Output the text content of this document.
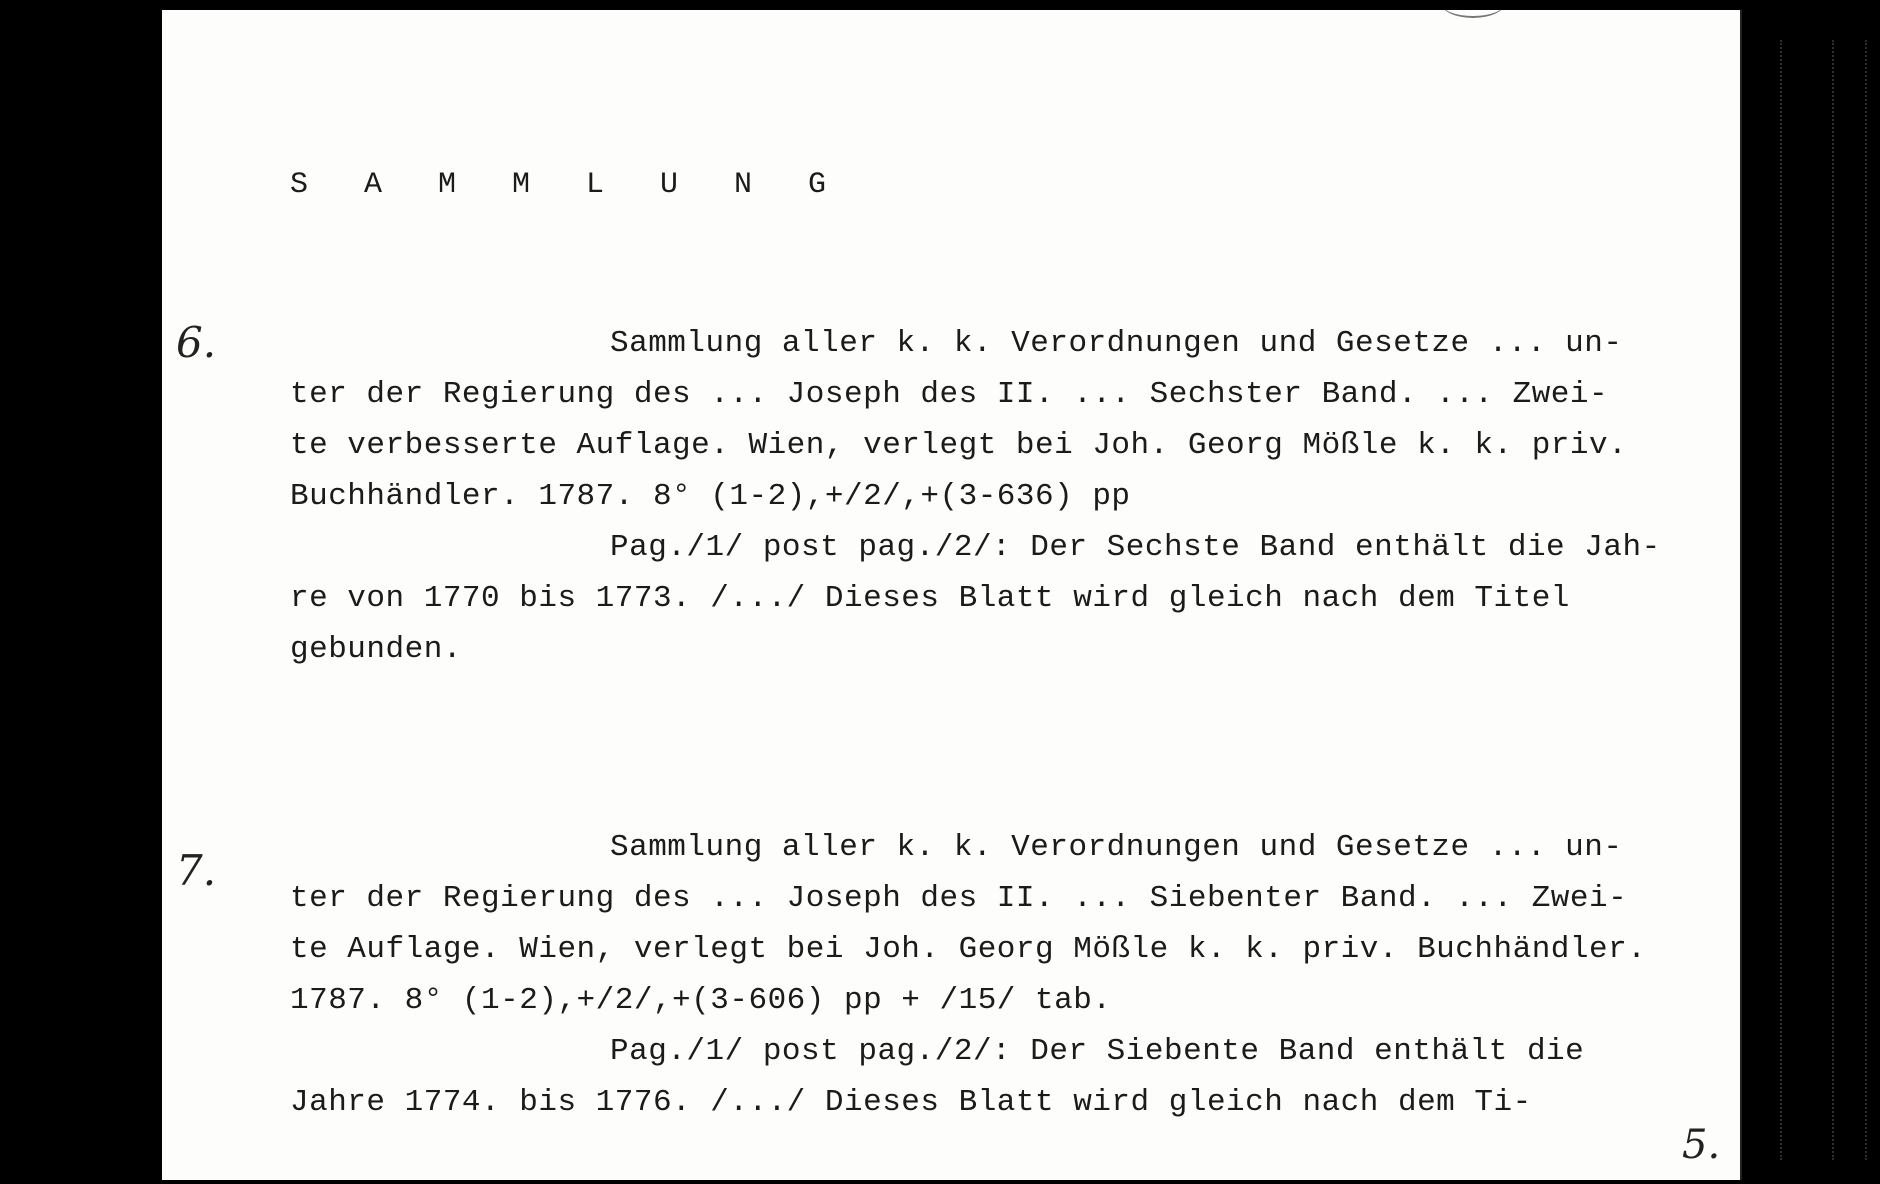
S A M M L U N G
6.	Sammlung aller k. k. Verordnungen und Gesetze ... un-
ter der Regierung des ... Joseph des II. ... Sechster Band. ... Zwei-
te verbesserte Auflage. Wien, verlegt bei Joh. Georg Mößle k. k. priv.
Buchhändler. 1787. 8° (1-2),+/2/,+(3-636) pp
Pag./1/ post pag./2/: Der Sechste Band enthält die Jah-
re von 1770 bis 1773. /.../ Dieses Blatt wird gleich nach dem Titel
gebunden.
7.	Sammlung aller k. k. Verordnungen und Gesetze ... un-
ter der Regierung des ... Joseph des II. ... Siebenter Band. ... Zwei-
te Auflage. Wien, verlegt bei Joh. Georg Mößle k. k. priv. Buchhändler.
1787. 8° (1-2),+/2/,+(3-606) pp + /15/ tab.
Pag./1/ post pag./2/: Der Siebente Band enthält die
Jahre 1774. bis 1776. /.../ Dieses Blatt wird gleich nach dem Ti-
5.
